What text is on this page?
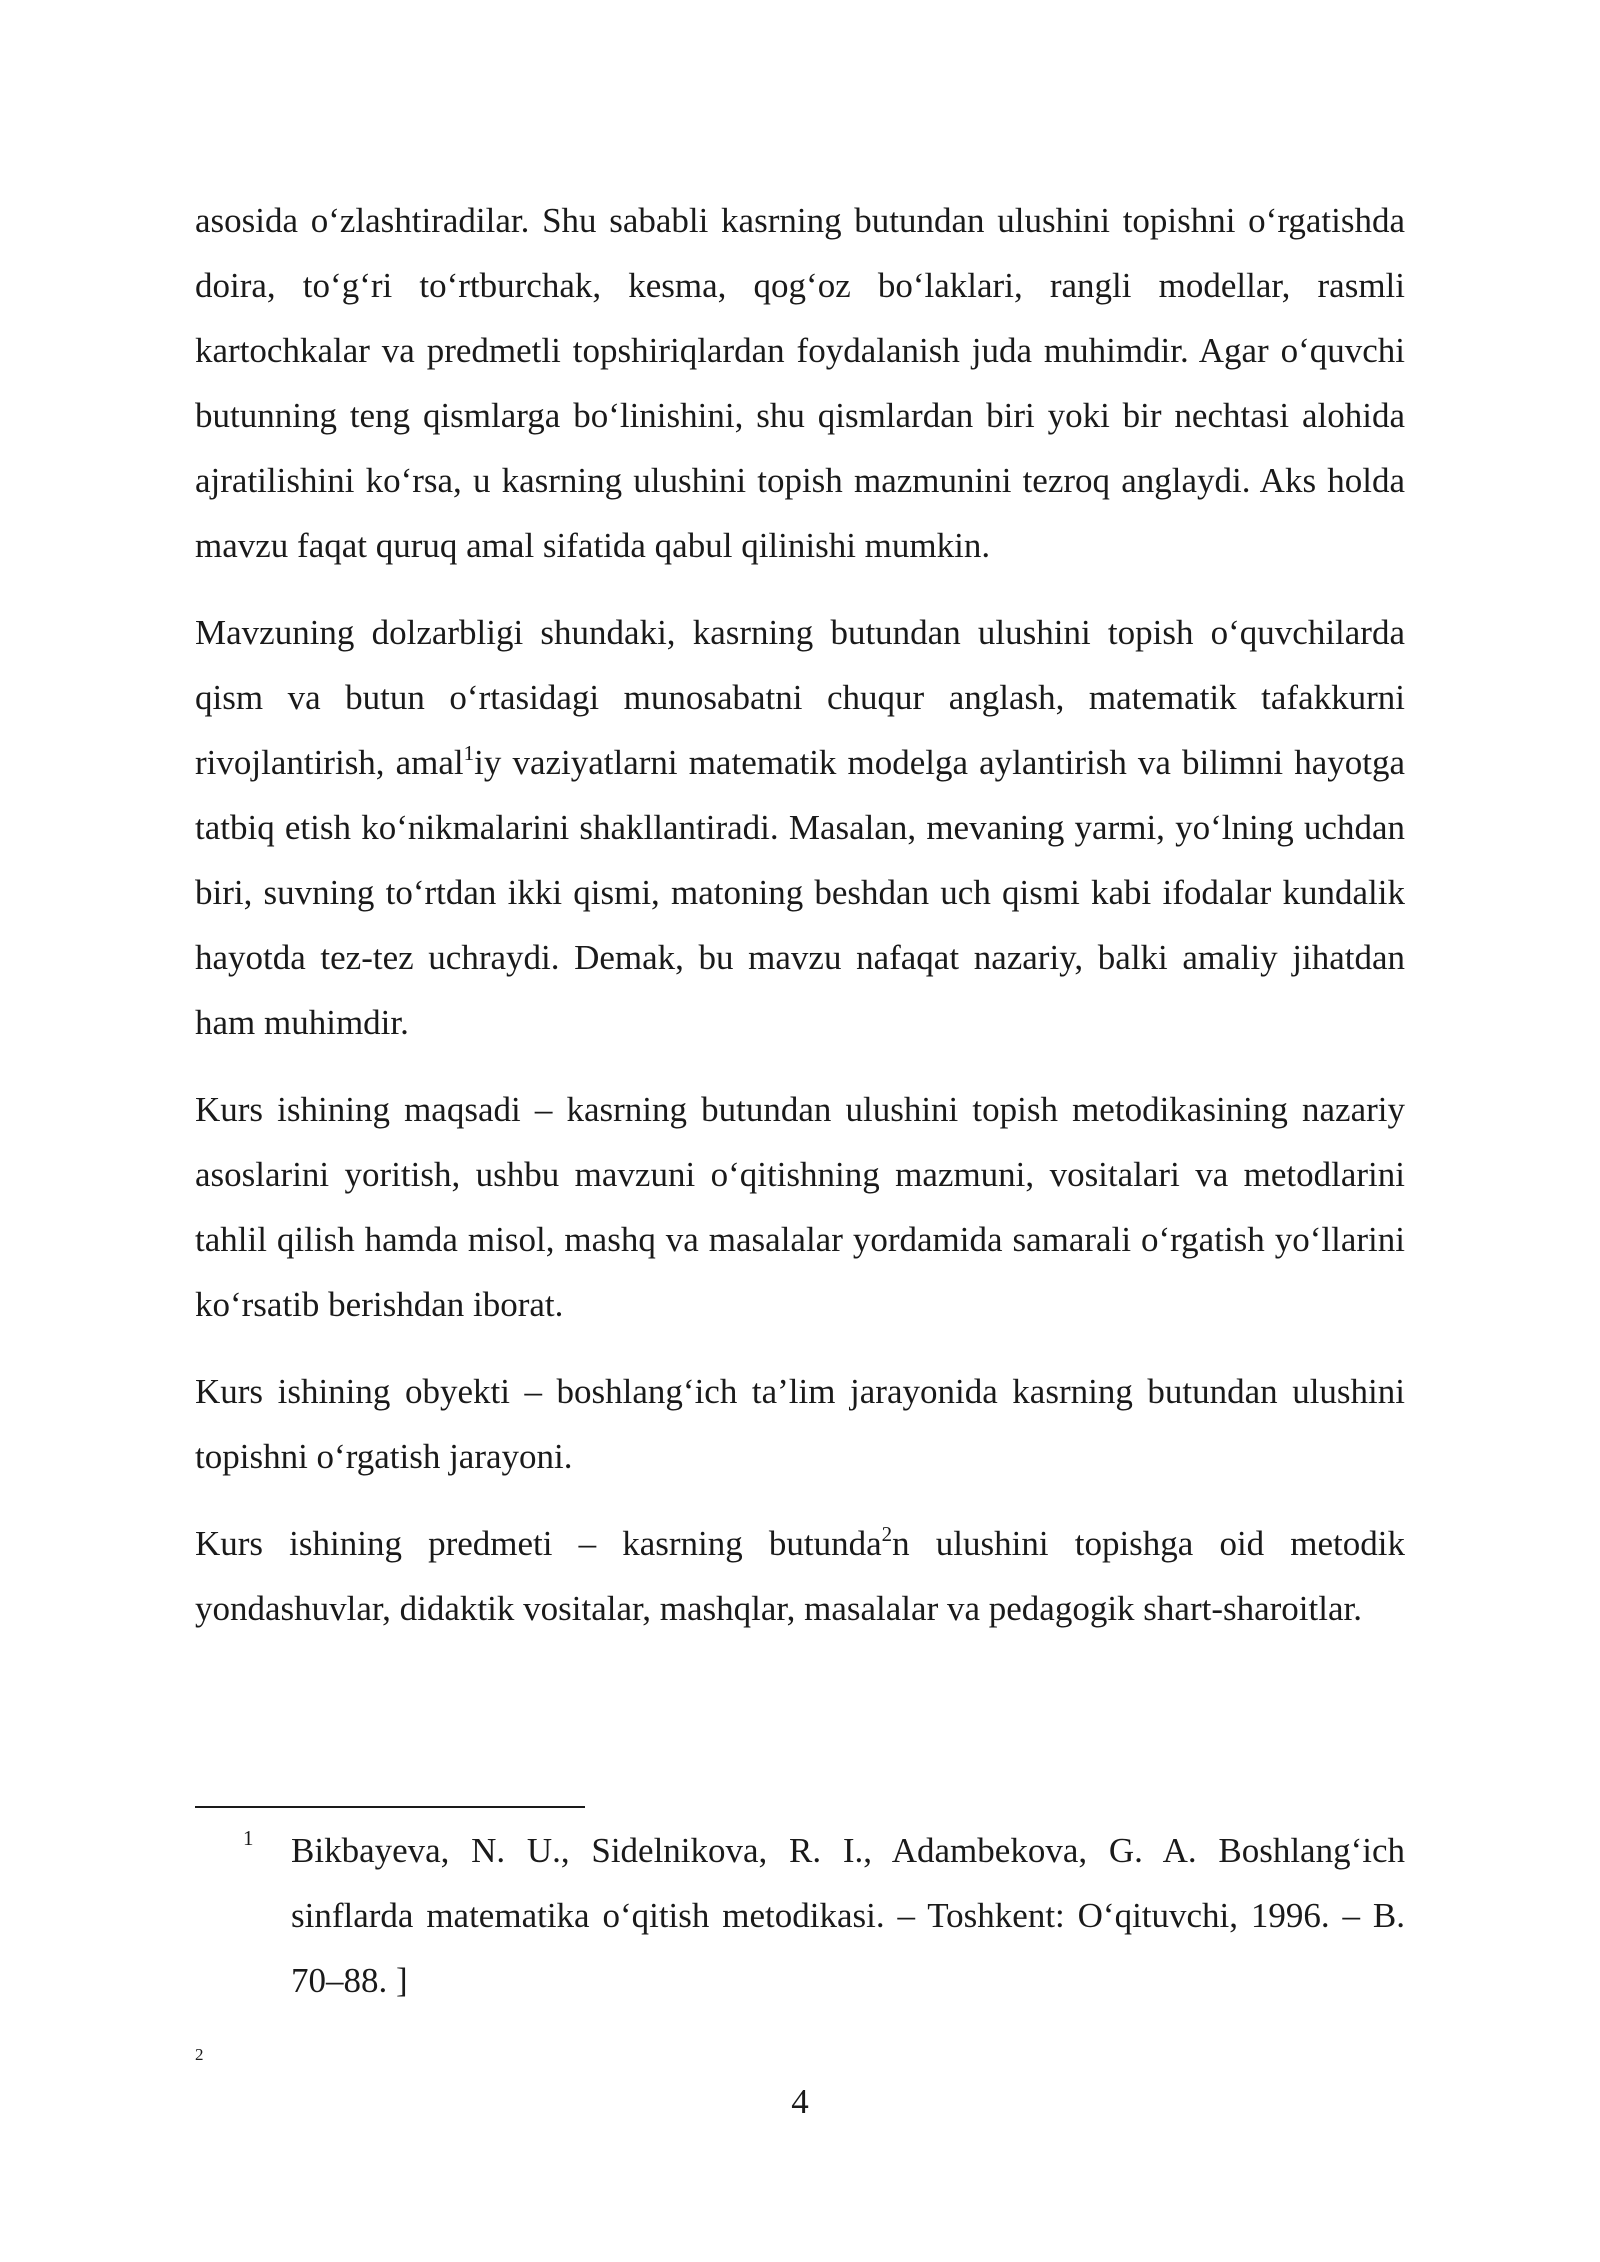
asosida o‘zlashtiradilar. Shu sababli kasrning butundan ulushini topishni o‘rgatishda doira, to‘g‘ri to‘rtburchak, kesma, qog‘oz bo‘laklari, rangli modellar, rasmli kartochkalar va predmetli topshiriqlardan foydalanish juda muhimdir. Agar o‘quvchi butunning teng qismlarga bo‘linishini, shu qismlardan biri yoki bir nechtasi alohida ajratilishini ko‘rsa, u kasrning ulushini topish mazmunini tezroq anglaydi. Aks holda mavzu faqat quruq amal sifatida qabul qilinishi mumkin.

Mavzuning dolzarbligi shundaki, kasrning butundan ulushini topish o‘quvchilarda qism va butun o‘rtasidagi munosabatni chuqur anglash, matematik tafakkurni rivojlantirish, amal$^1$iy vaziyatlarni matematik modelga aylantirish va bilimni hayotga tatbiq etish ko‘nikmalarini shakllantiradi. Masalan, mevaning yarmi, yo‘lning uchdan biri, suvning to‘rtdan ikki qismi, matoning beshdan uch qismi kabi ifodalar kundalik hayotda tez-tez uchraydi. Demak, bu mavzu nafaqat nazariy, balki amaliy jihatdan ham muhimdir.

Kurs ishining maqsadi – kasrning butundan ulushini topish metodikasining nazariy asoslarini yoritish, ushbu mavzuni o‘qitishning mazmuni, vositalari va metodlarini tahlil qilish hamda misol, mashq va masalalar yordamida samarali o‘rgatish yo‘llarini ko‘rsatib berishdan iborat.

Kurs ishining obyekti – boshlang‘ich ta’lim jarayonida kasrning butundan ulushini topishni o‘rgatish jarayoni.

Kurs ishining predmeti – kasrning butunda$^2$n ulushini topishga oid metodik yondashuvlar, didaktik vositalar, mashqlar, masalalar va pedagogik shart-sharoitlar.

1 Bikbayeva, N. U., Sidelnikova, R. I., Adambekova, G. A. Boshlang‘ich sinflarda matematika o‘qitish metodikasi. – Toshkent: O‘qituvchi, 1996. – B. 70–88. ]
2
4
